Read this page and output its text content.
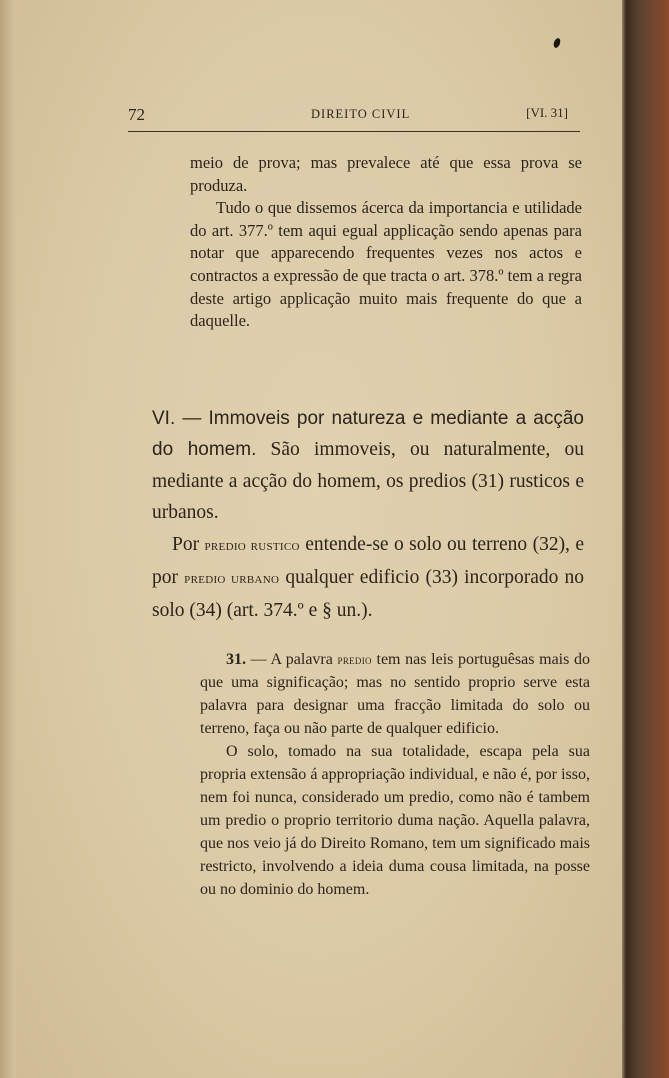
72	DIREITO CIVIL	[VI. 31]

meio de prova; mas prevalece até que essa prova se produza.

Tudo o que dissemos ácerca da importancia e utilidade do art. 377.º tem aqui egual applicação sendo apenas para notar que apparecendo frequentes vezes nos actos e contractos a expressão de que tracta o art. 378.º tem a regra deste artigo applicação muito mais frequente do que a daquelle.

VI. — Immoveis por natureza e mediante a acção do homem. São immoveis, ou naturalmente, ou mediante a acção do homem, os predios (31) rusticos e urbanos.

Por predio rustico entende-se o solo ou terreno (32), e por predio urbano qualquer edificio (33) incorporado no solo (34) (art. 374.º e § un.).

31. — A palavra predio tem nas leis portuguêsas mais do que uma significação; mas no sentido proprio serve esta palavra para designar uma fracção limitada do solo ou terreno, faça ou não parte de qualquer edificio.

O solo, tomado na sua totalidade, escapa pela sua propria extensão á appropriação individual, e não é, por isso, nem foi nunca, considerado um predio, como não é tambem um predio o proprio territorio duma nação. Aquella palavra, que nos veio já do Direito Romano, tem um significado mais restricto, involvendo a ideia duma cousa limitada, na posse ou no dominio do homem.
